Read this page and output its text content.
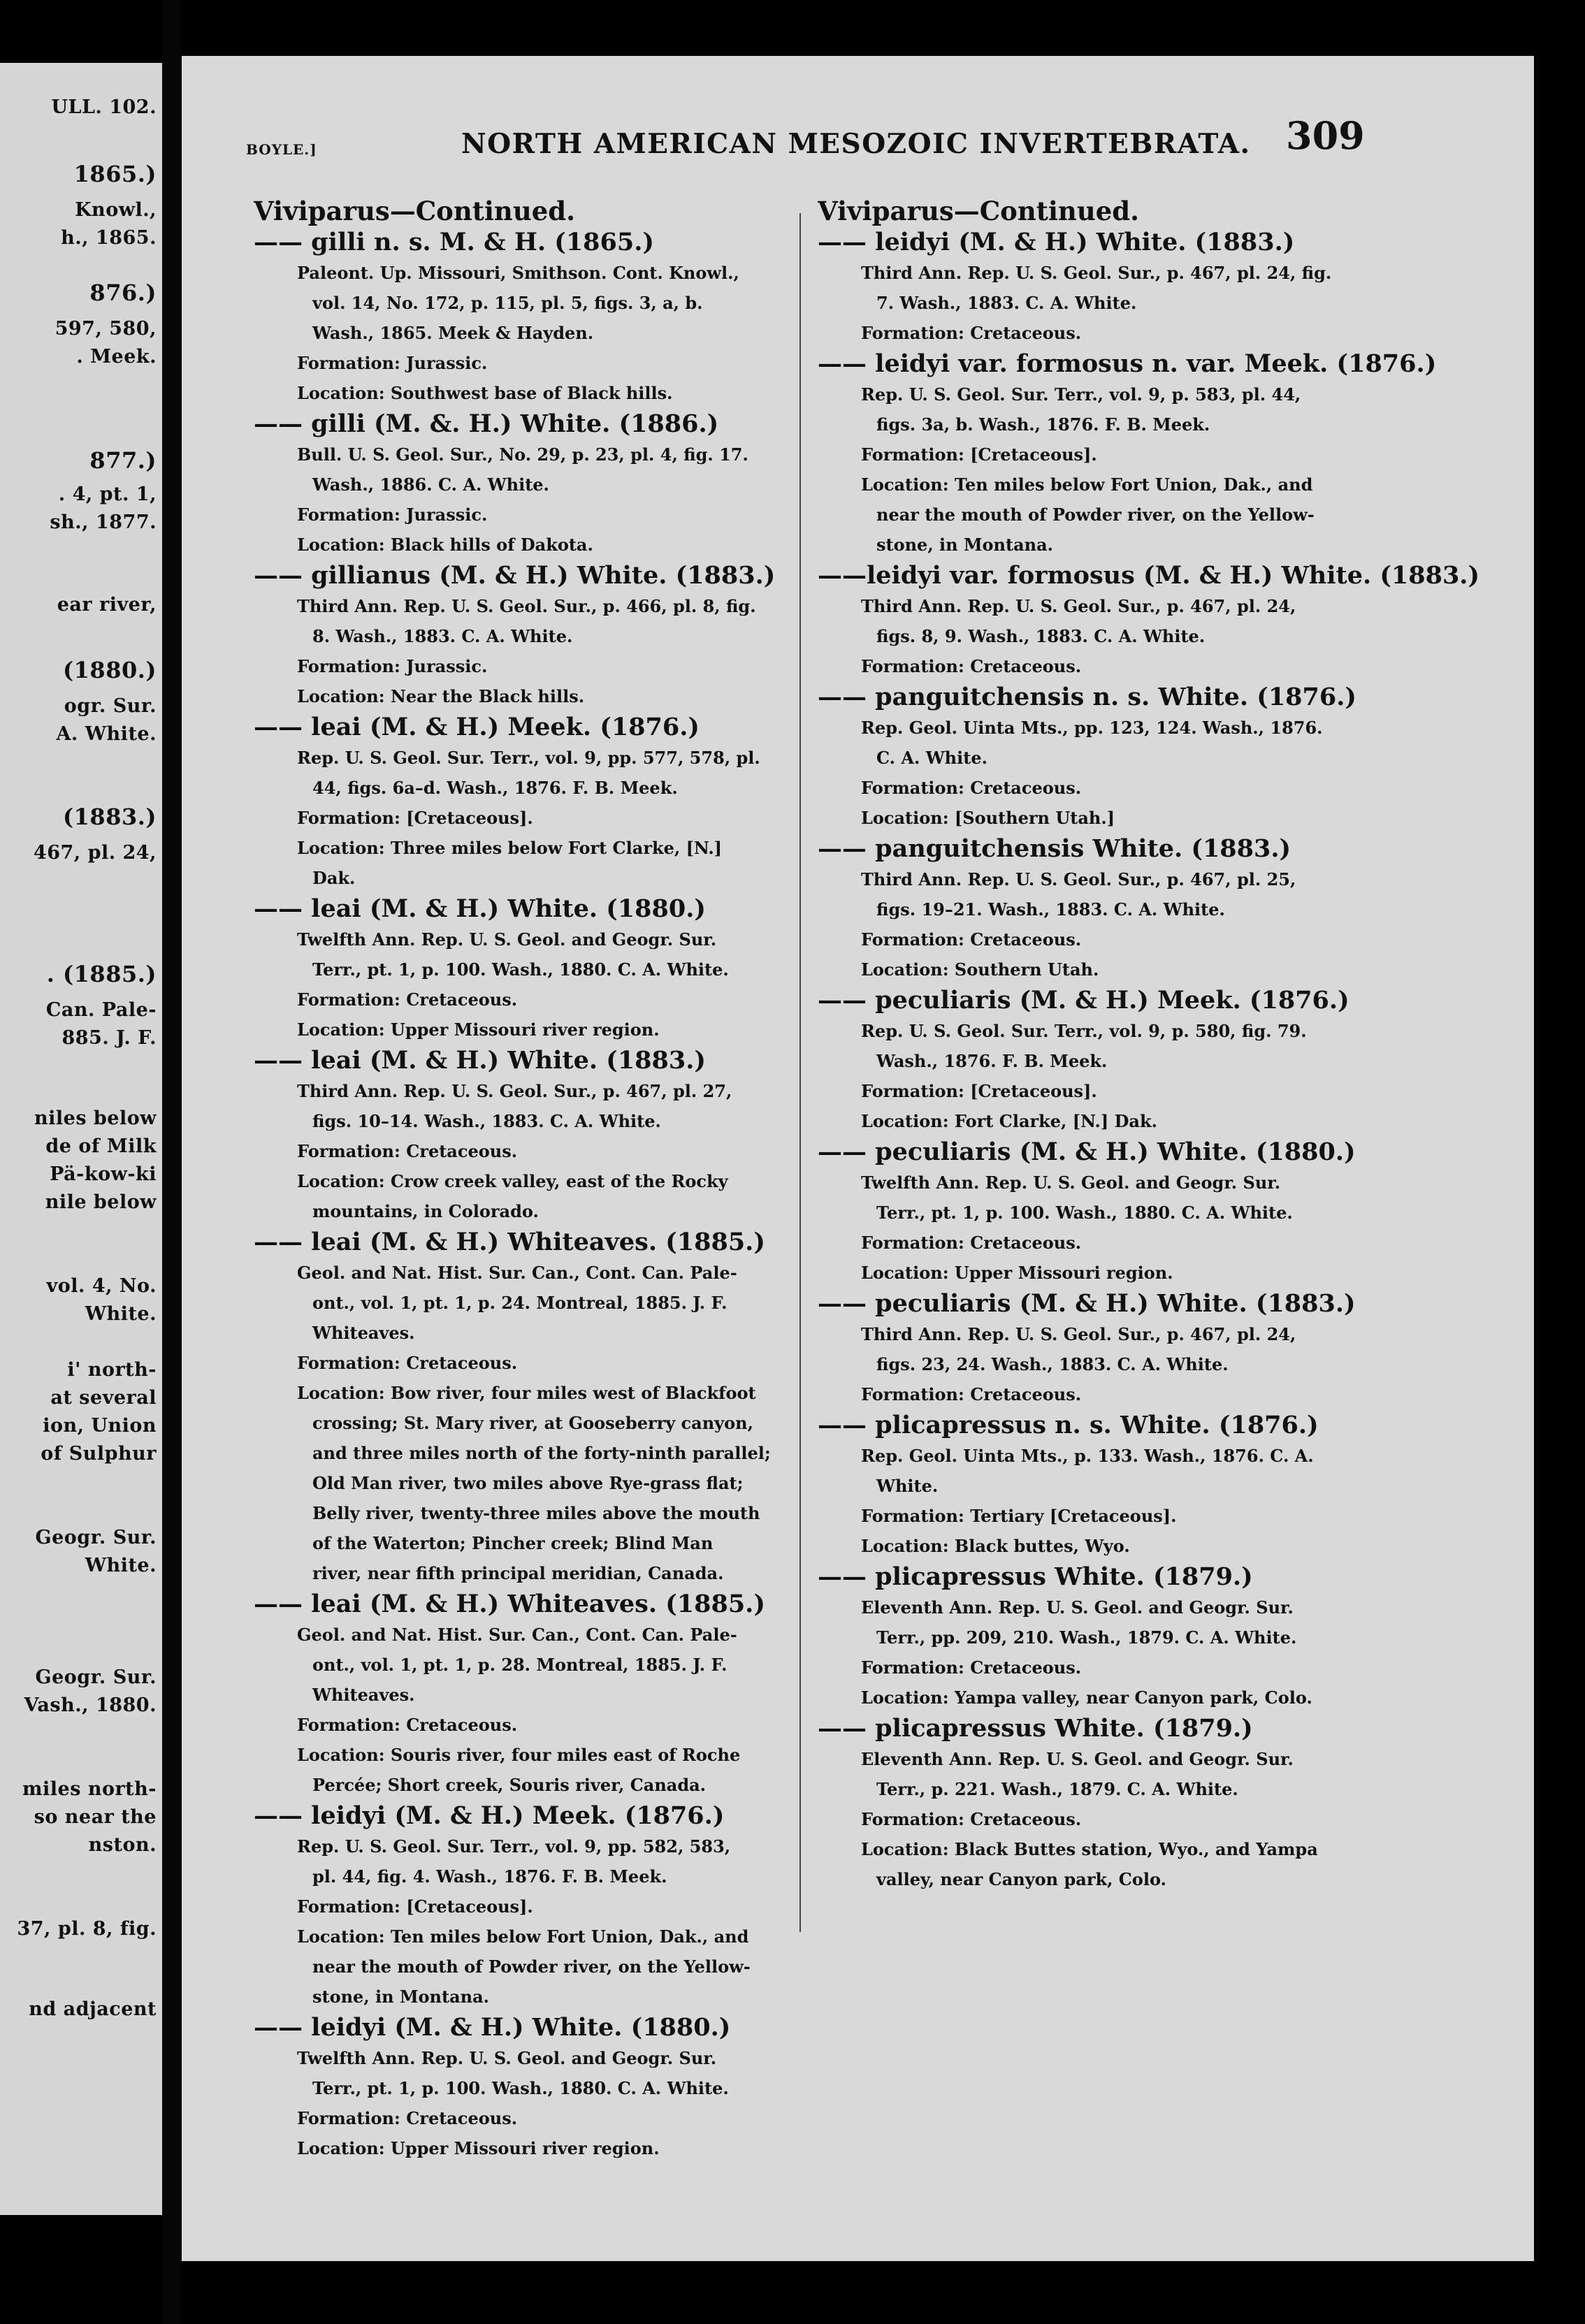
ULL. 102.
1865.)
Knowl.,
h., 1865.
876.)
597, 580,
. Meek.
877.)
. 4, pt. 1,
sh., 1877.
ear river,
(1880.)
ogr. Sur.
A. White.
(1883.)
467, pl. 24,
. (1885.)
Can. Pale-
885. J. F.
niles below
de of Milk
Pä-kow-ki
nile below
vol. 4, No.
White.
i' north-
at several
ion, Union
of Sulphur
Geogr. Sur.
White.
Geogr. Sur.
Vash., 1880.
miles north-
so near the
nston.
37, pl. 8, fig.
nd adjacent
BOYLE.]	NORTH AMERICAN MESOZOIC INVERTEBRATA. 309
Viviparus—Continued.
—— gilli n. s. M. & H. (1865.)
Paleont. Up. Missouri, Smithson. Cont. Knowl.,
vol. 14, No. 172, p. 115, pl. 5, figs. 3, a, b.
Wash., 1865. Meek & Hayden.
Formation: Jurassic.
Location: Southwest base of Black hills.
—— gilli (M. &. H.) White. (1886.)
Bull. U. S. Geol. Sur., No. 29, p. 23, pl. 4, fig. 17.
Wash., 1886. C. A. White.
Formation: Jurassic.
Location: Black hills of Dakota.
—— gillianus (M. & H.) White. (1883.)
Third Ann. Rep. U. S. Geol. Sur., p. 466, pl. 8, fig.
8. Wash., 1883. C. A. White.
Formation: Jurassic.
Location: Near the Black hills.
—— leai (M. & H.) Meek. (1876.)
Rep. U. S. Geol. Sur. Terr., vol. 9, pp. 577, 578, pl.
44, figs. 6a–d. Wash., 1876. F. B. Meek.
Formation: [Cretaceous].
Location: Three miles below Fort Clarke, [N.]
Dak.
—— leai (M. & H.) White. (1880.)
Twelfth Ann. Rep. U. S. Geol. and Geogr. Sur.
Terr., pt. 1, p. 100. Wash., 1880. C. A. White.
Formation: Cretaceous.
Location: Upper Missouri river region.
—— leai (M. & H.) White. (1883.)
Third Ann. Rep. U. S. Geol. Sur., p. 467, pl. 27,
figs. 10–14. Wash., 1883. C. A. White.
Formation: Cretaceous.
Location: Crow creek valley, east of the Rocky
mountains, in Colorado.
—— leai (M. & H.) Whiteaves. (1885.)
Geol. and Nat. Hist. Sur. Can., Cont. Can. Pale-
ont., vol. 1, pt. 1, p. 24. Montreal, 1885. J. F.
Whiteaves.
Formation: Cretaceous.
Location: Bow river, four miles west of Blackfoot
crossing; St. Mary river, at Gooseberry canyon,
and three miles north of the forty-ninth parallel;
Old Man river, two miles above Rye-grass flat;
Belly river, twenty-three miles above the mouth
of the Waterton; Pincher creek; Blind Man
river, near fifth principal meridian, Canada.
—— leai (M. & H.) Whiteaves. (1885.)
Geol. and Nat. Hist. Sur. Can., Cont. Can. Pale-
ont., vol. 1, pt. 1, p. 28. Montreal, 1885. J. F.
Whiteaves.
Formation: Cretaceous.
Location: Souris river, four miles east of Roche
Percée; Short creek, Souris river, Canada.
—— leidyi (M. & H.) Meek. (1876.)
Rep. U. S. Geol. Sur. Terr., vol. 9, pp. 582, 583,
pl. 44, fig. 4. Wash., 1876. F. B. Meek.
Formation: [Cretaceous].
Location: Ten miles below Fort Union, Dak., and
near the mouth of Powder river, on the Yellow-
stone, in Montana.
—— leidyi (M. & H.) White. (1880.)
Twelfth Ann. Rep. U. S. Geol. and Geogr. Sur.
Terr., pt. 1, p. 100. Wash., 1880. C. A. White.
Formation: Cretaceous.
Location: Upper Missouri river region.
Viviparus—Continued.
—— leidyi (M. & H.) White. (1883.)
Third Ann. Rep. U. S. Geol. Sur., p. 467, pl. 24, fig.
7. Wash., 1883. C. A. White.
Formation: Cretaceous.
—— leidyi var. formosus n. var. Meek. (1876.)
Rep. U. S. Geol. Sur. Terr., vol. 9, p. 583, pl. 44,
figs. 3a, b. Wash., 1876. F. B. Meek.
Formation: [Cretaceous].
Location: Ten miles below Fort Union, Dak., and
near the mouth of Powder river, on the Yellow-
stone, in Montana.
——leidyi var. formosus (M. & H.) White. (1883.)
Third Ann. Rep. U. S. Geol. Sur., p. 467, pl. 24,
figs. 8, 9. Wash., 1883. C. A. White.
Formation: Cretaceous.
—— panguitchensis n. s. White. (1876.)
Rep. Geol. Uinta Mts., pp. 123, 124. Wash., 1876.
C. A. White.
Formation: Cretaceous.
Location: [Southern Utah.]
—— panguitchensis White. (1883.)
Third Ann. Rep. U. S. Geol. Sur., p. 467, pl. 25,
figs. 19–21. Wash., 1883. C. A. White.
Formation: Cretaceous.
Location: Southern Utah.
—— peculiaris (M. & H.) Meek. (1876.)
Rep. U. S. Geol. Sur. Terr., vol. 9, p. 580, fig. 79.
Wash., 1876. F. B. Meek.
Formation: [Cretaceous].
Location: Fort Clarke, [N.] Dak.
—— peculiaris (M. & H.) White. (1880.)
Twelfth Ann. Rep. U. S. Geol. and Geogr. Sur.
Terr., pt. 1, p. 100. Wash., 1880. C. A. White.
Formation: Cretaceous.
Location: Upper Missouri region.
—— peculiaris (M. & H.) White. (1883.)
Third Ann. Rep. U. S. Geol. Sur., p. 467, pl. 24,
figs. 23, 24. Wash., 1883. C. A. White.
Formation: Cretaceous.
—— plicapressus n. s. White. (1876.)
Rep. Geol. Uinta Mts., p. 133. Wash., 1876. C. A.
White.
Formation: Tertiary [Cretaceous].
Location: Black buttes, Wyo.
—— plicapressus White. (1879.)
Eleventh Ann. Rep. U. S. Geol. and Geogr. Sur.
Terr., pp. 209, 210. Wash., 1879. C. A. White.
Formation: Cretaceous.
Location: Yampa valley, near Canyon park, Colo.
—— plicapressus White. (1879.)
Eleventh Ann. Rep. U. S. Geol. and Geogr. Sur.
Terr., p. 221. Wash., 1879. C. A. White.
Formation: Cretaceous.
Location: Black Buttes station, Wyo., and Yampa
valley, near Canyon park, Colo.
